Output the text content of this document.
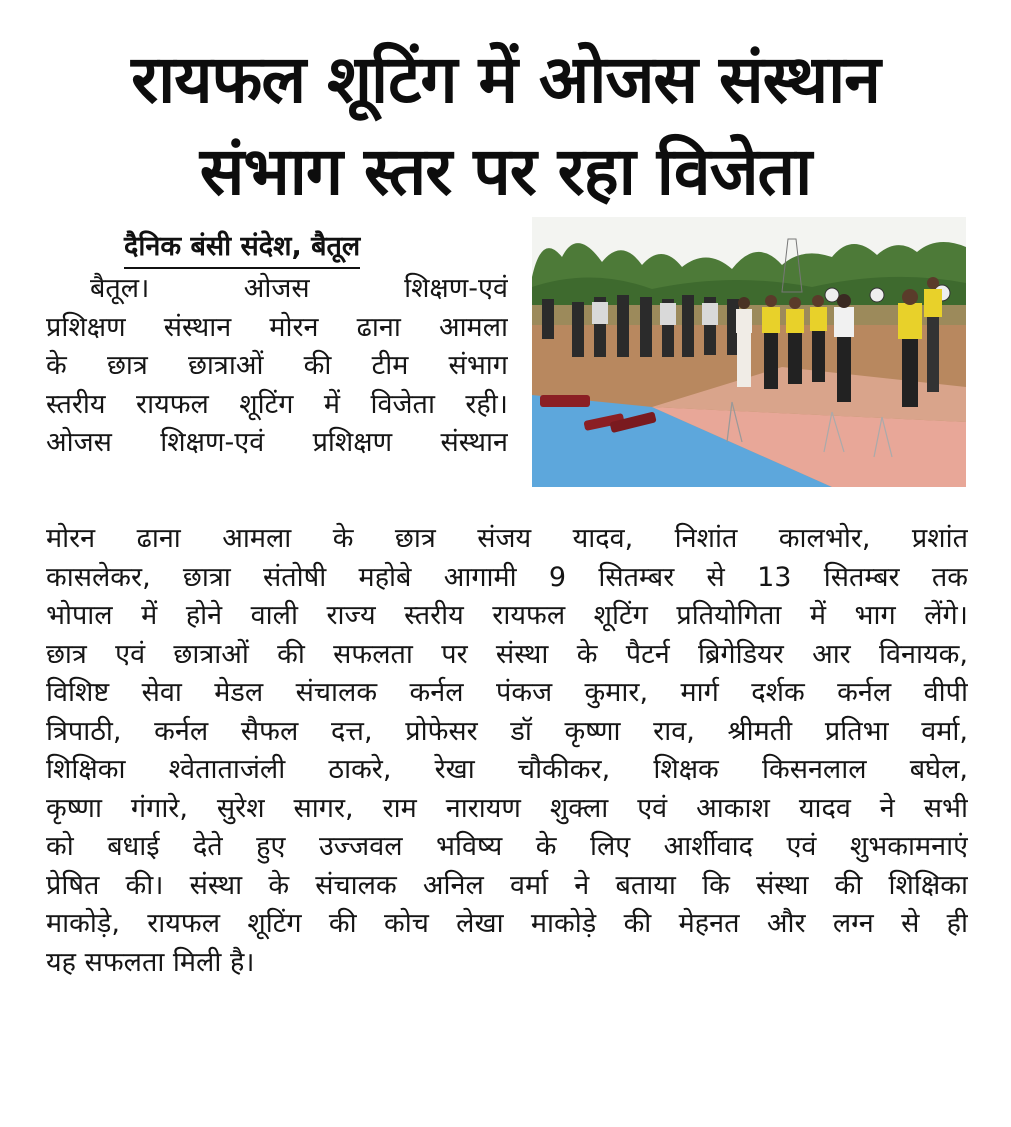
रायफल शूटिंग में ओजस संस्थान
संभाग स्तर पर रहा विजेता
दैनिक बंसी संदेश, बैतूल
बैतूल। ओजस शिक्षण-एवं
प्रशिक्षण संस्थान मोरन ढाना आमला
के छात्र छात्राओं की टीम संभाग
स्तरीय रायफल शूटिंग में विजेता रही।
ओजस शिक्षण-एवं प्रशिक्षण संस्थान
मोरन ढाना आमला के छात्र संजय यादव, निशांत कालभोर, प्रशांत
कासलेकर, छात्रा संतोषी महोबे आगामी 9 सितम्बर से 13 सितम्बर तक
भोपाल में होने वाली राज्य स्तरीय रायफल शूटिंग प्रतियोगिता में भाग लेंगे।
छात्र एवं छात्राओं की सफलता पर संस्था के पैटर्न ब्रिगेडियर आर विनायक,
विशिष्ट सेवा मेडल संचालक कर्नल पंकज कुमार, मार्ग दर्शक कर्नल वीपी
त्रिपाठी, कर्नल सैफल दत्त, प्रोफेसर डॉ कृष्णा राव, श्रीमती प्रतिभा वर्मा,
शिक्षिका श्वेताताजंली ठाकरे, रेखा चौकीकर, शिक्षक किसनलाल बघेल,
कृष्णा गंगारे, सुरेश सागर, राम नारायण शुक्ला एवं आकाश यादव ने सभी
को बधाई देते हुए उज्जवल भविष्य के लिए आर्शीवाद एवं शुभकामनाएं
प्रेषित की। संस्था के संचालक अनिल वर्मा ने बताया कि संस्था की शिक्षिका
माकोड़े, रायफल शूटिंग की कोच लेखा माकोड़े की मेहनत और लग्न से ही
यह सफलता मिली है।
